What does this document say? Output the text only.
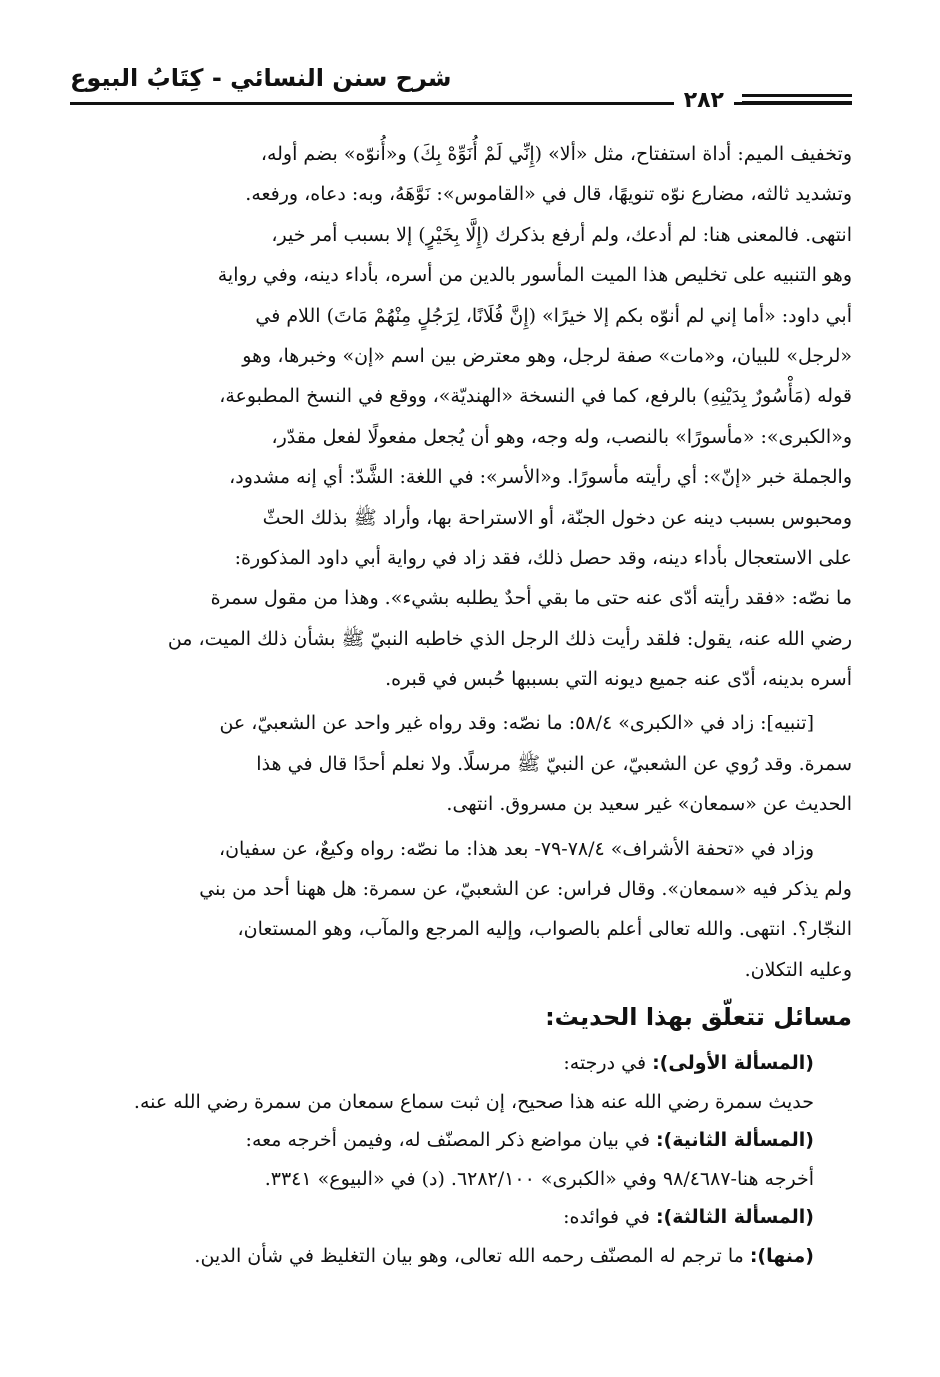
شرح سنن النسائي - كِتَابُ البيوع
٢٨٢
وتخفيف الميم: أداة استفتاح، مثل «ألا» (إِنِّي لَمْ أُنَوِّهْ بِكَ) و«أُنوّه» بضم أوله،
وتشديد ثالثه، مضارع نوّه تنويهًا، قال في «القاموس»: نَوَّهَهُ، وبه: دعاه، ورفعه.
انتهى. فالمعنى هنا: لم أدعك، ولم أرفع بذكرك (إِلَّا بِخَيْرٍ) إلا بسبب أمر خير،
وهو التنبيه على تخليص هذا الميت المأسور بالدين من أسره، بأداء دينه، وفي رواية
أبي داود: «أما إني لم أنوّه بكم إلا خيرًا» (إِنَّ فُلَانًا، لِرَجُلٍ مِنْهُمْ مَاتَ) اللام في
«لرجل» للبيان، و«مات» صفة لرجل، وهو معترض بين اسم «إن» وخبرها، وهو
قوله (مَأْسُورٌ بِدَيْنِهِ) بالرفع، كما في النسخة «الهنديّة»، ووقع في النسخ المطبوعة،
و«الكبرى»: «مأسورًا» بالنصب، وله وجه، وهو أن يُجعل مفعولًا لفعل مقدّر،
والجملة خبر «إنّ»: أي رأيته مأسورًا. و«الأسر»: في اللغة: الشَّدّ: أي إنه مشدود،
ومحبوس بسبب دينه عن دخول الجنّة، أو الاستراحة بها، وأراد ﷺ بذلك الحثّ
على الاستعجال بأداء دينه، وقد حصل ذلك، فقد زاد في رواية أبي داود المذكورة:
ما نصّه: «فقد رأيته أدّى عنه حتى ما بقي أحدٌ يطلبه بشيء». وهذا من مقول سمرة
رضي الله عنه، يقول: فلقد رأيت ذلك الرجل الذي خاطبه النبيّ ﷺ بشأن ذلك الميت، من
أسره بدينه، أدّى عنه جميع ديونه التي بسببها حُبس في قبره.
[تنبيه]: زاد في «الكبرى» ٥٨/٤: ما نصّه: وقد رواه غير واحد عن الشعبيّ، عن
سمرة. وقد رُوي عن الشعبيّ، عن النبيّ ﷺ مرسلًا. ولا نعلم أحدًا قال في هذا
الحديث عن «سمعان» غير سعيد بن مسروق. انتهى.
وزاد في «تحفة الأشراف» ٧٨/٤-٧٩- بعد هذا: ما نصّه: رواه وكيعٌ، عن سفيان،
ولم يذكر فيه «سمعان». وقال فراس: عن الشعبيّ، عن سمرة: هل ههنا أحد من بني
النجّار؟. انتهى. والله تعالى أعلم بالصواب، وإليه المرجع والمآب، وهو المستعان،
وعليه التكلان.
مسائل تتعلّق بهذا الحديث:
(المسألة الأولى): في درجته:
حديث سمرة رضي الله عنه هذا صحيح، إن ثبت سماع سمعان من سمرة رضي الله عنه.
(المسألة الثانية): في بيان مواضع ذكر المصنّف له، وفيمن أخرجه معه:
أخرجه هنا-٩٨/٤٦٨٧ وفي «الكبرى» ٦٢٨٢/١٠٠. (د) في «البيوع» ٣٣٤١.
(المسألة الثالثة): في فوائده:
(منها): ما ترجم له المصنّف رحمه الله تعالى، وهو بيان التغليظ في شأن الدين.
